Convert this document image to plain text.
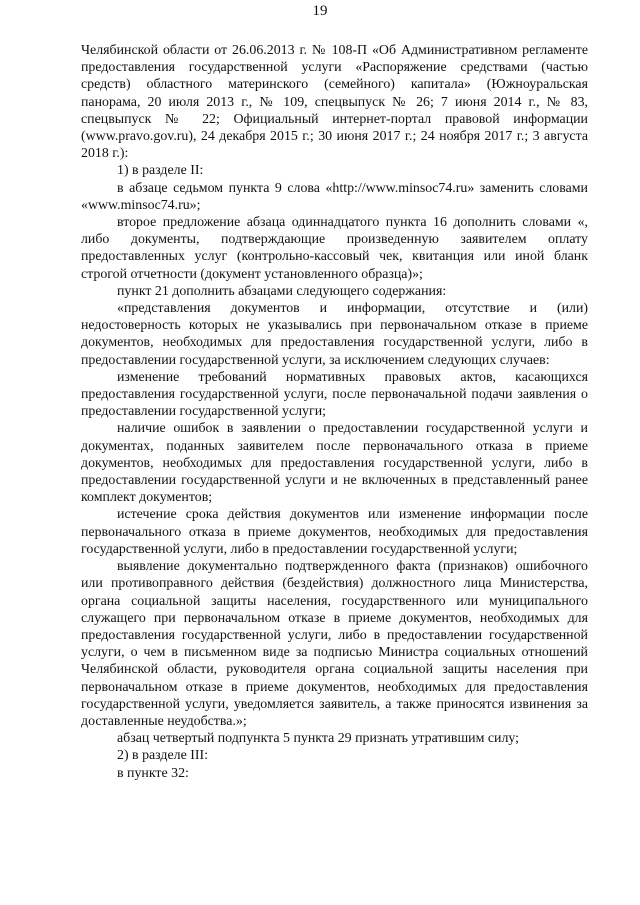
19

Челябинской области от 26.06.2013 г. № 108-П «Об Административном регламенте предоставления государственной услуги «Распоряжение средствами (частью средств) областного материнского (семейного) капитала» (Южноуральская панорама, 20 июля 2013 г., № 109, спецвыпуск № 26; 7 июня 2014 г., № 83, спецвыпуск № 22; Официальный интернет-портал правовой информации (www.pravo.gov.ru), 24 декабря 2015 г.; 30 июня 2017 г.; 24 ноября 2017 г.; 3 августа 2018 г.):

1) в разделе II:

в абзаце седьмом пункта 9 слова «http://www.minsoc74.ru» заменить словами «www.minsoc74.ru»;

второе предложение абзаца одиннадцатого пункта 16 дополнить словами «, либо документы, подтверждающие произведенную заявителем оплату предоставленных услуг (контрольно-кассовый чек, квитанция или иной бланк строгой отчетности (документ установленного образца)»;

пункт 21 дополнить абзацами следующего содержания:

«представления документов и информации, отсутствие и (или) недостоверность которых не указывались при первоначальном отказе в приеме документов, необходимых для предоставления государственной услуги, либо в предоставлении государственной услуги, за исключением следующих случаев:

изменение требований нормативных правовых актов, касающихся предоставления государственной услуги, после первоначальной подачи заявления о предоставлении государственной услуги;

наличие ошибок в заявлении о предоставлении государственной услуги и документах, поданных заявителем после первоначального отказа в приеме документов, необходимых для предоставления государственной услуги, либо в предоставлении государственной услуги и не включенных в представленный ранее комплект документов;

истечение срока действия документов или изменение информации после первоначального отказа в приеме документов, необходимых для предоставления государственной услуги, либо в предоставлении государственной услуги;

выявление документально подтвержденного факта (признаков) ошибочного или противоправного действия (бездействия) должностного лица Министерства, органа социальной защиты населения, государственного или муниципального служащего при первоначальном отказе в приеме документов, необходимых для предоставления государственной услуги, либо в предоставлении государственной услуги, о чем в письменном виде за подписью Министра социальных отношений Челябинской области, руководителя органа социальной защиты населения при первоначальном отказе в приеме документов, необходимых для предоставления государственной услуги, уведомляется заявитель, а также приносятся извинения за доставленные неудобства.»;

абзац четвертый подпункта 5 пункта 29 признать утратившим силу;

2) в разделе III:

в пункте 32:
